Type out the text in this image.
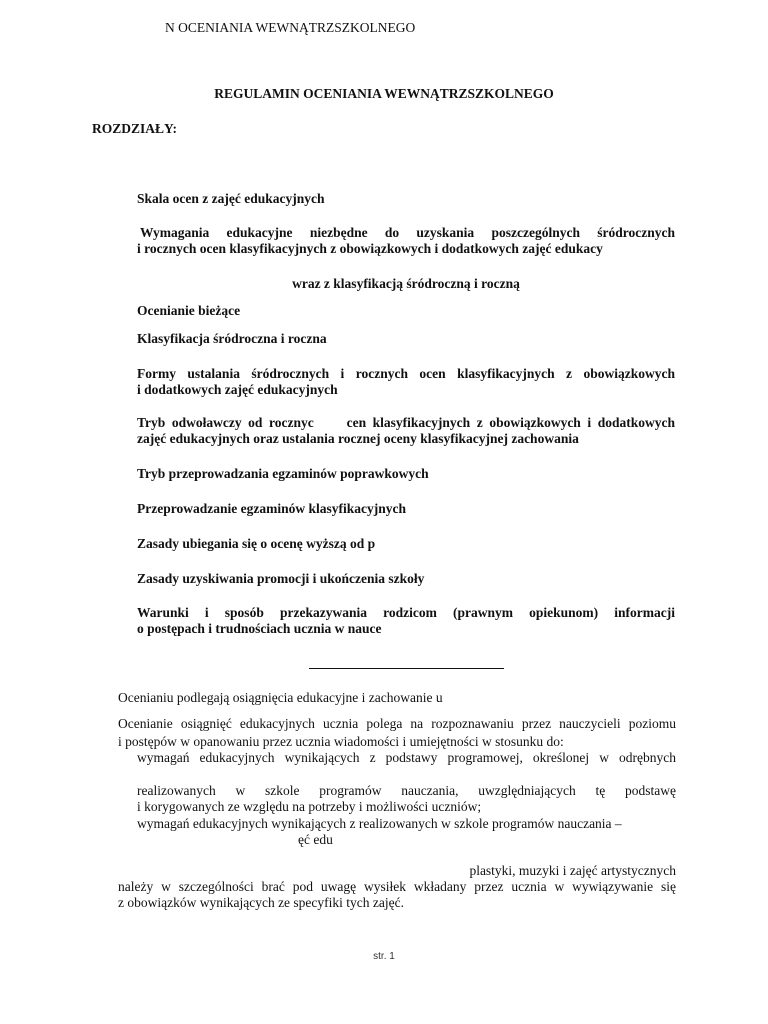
N OCENIANIA WEWNĄTRZSZKOLNEGO
REGULAMIN OCENIANIA WEWNĄTRZSZKOLNEGO
ROZDZIAŁY:
Skala ocen z zajęć edukacyjnych
Wymagania edukacyjne niezbędne do uzyskania poszczególnych śródrocznych
i rocznych ocen klasyfikacyjnych z obowiązkowych i dodatkowych zajęć edukacy
wraz z klasyfikacją śródroczną i roczną
Ocenianie bieżące
Klasyfikacja śródroczna i roczna
Formy ustalania śródrocznych i rocznych ocen klasyfikacyjnych z obowiązkowych
i dodatkowych zajęć edukacyjnych
Tryb odwoławczy od rocznyc     cen klasyfikacyjnych z obowiązkowych i dodatkowych
zajęć edukacyjnych oraz ustalania rocznej oceny klasyfikacyjnej zachowania
Tryb przeprowadzania egzaminów poprawkowych
Przeprowadzanie egzaminów klasyfikacyjnych
Zasady ubiegania się o ocenę wyższą od p
Zasady uzyskiwania promocji i ukończenia szkoły
Warunki i sposób przekazywania rodzicom (prawnym opiekunom) informacji
o postępach i trudnościach ucznia w nauce
Ocenianiu podlegają osiągnięcia edukacyjne i zachowanie u
Ocenianie osiągnięć edukacyjnych ucznia polega na rozpoznawaniu przez nauczycieli poziomu
i postępów w opanowaniu przez ucznia wiadomości i umiejętności w stosunku do:
wymagań edukacyjnych wynikających z podstawy programowej, określonej w odrębnych
realizowanych w szkole programów nauczania, uwzględniających tę podstawę
i korygowanych ze względu na potrzeby i możliwości uczniów;
wymagań edukacyjnych wynikających z realizowanych w szkole programów nauczania –
ęć edu
plastyki, muzyki i zajęć artystycznych
należy w szczególności brać pod uwagę wysiłek wkładany przez ucznia w wywiązywanie się
z obowiązków wynikających ze specyfiki tych zajęć.
str. 1
